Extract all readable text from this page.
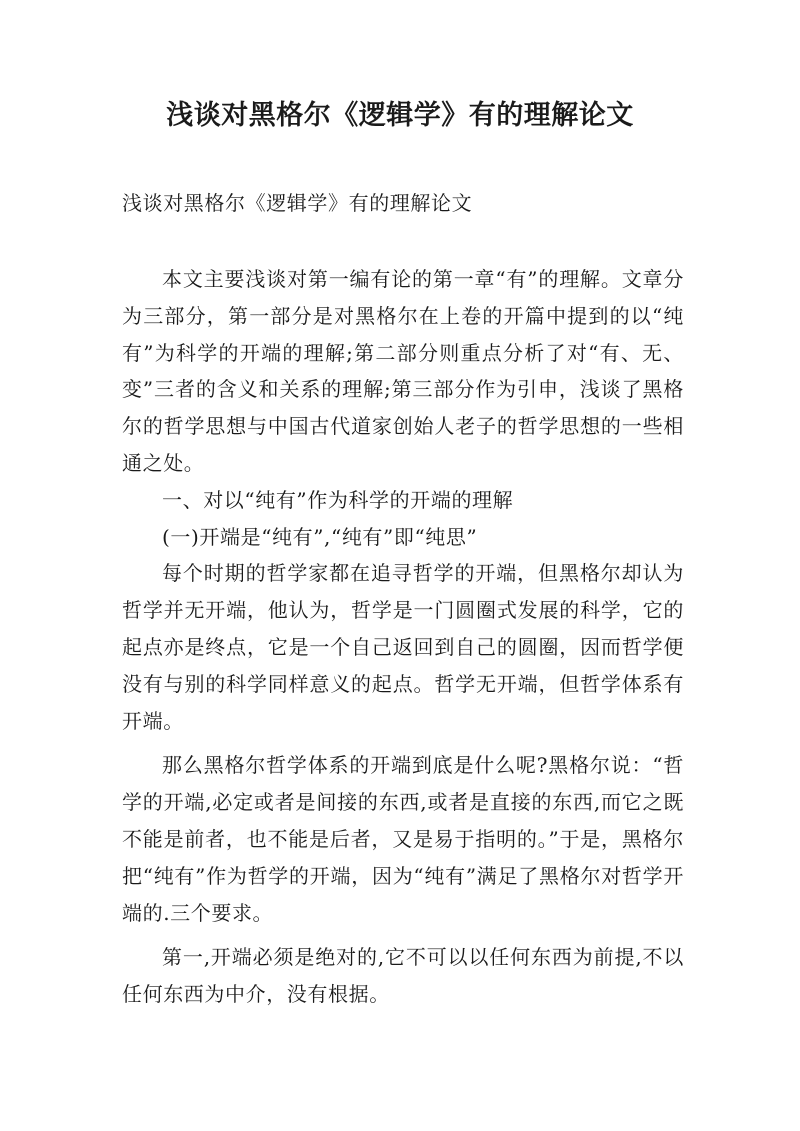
浅谈对黑格尔《逻辑学》有的理解论文

浅谈对黑格尔《逻辑学》有的理解论文

本文主要浅谈对第一编有论的第一章“有”的理解。文章分为三部分，第一部分是对黑格尔在上卷的开篇中提到的以“纯有”为科学的开端的理解;第二部分则重点分析了对“有、无、变”三者的含义和关系的理解;第三部分作为引申，浅谈了黑格尔的哲学思想与中国古代道家创始人老子的哲学思想的一些相通之处。

一、对以“纯有”作为科学的开端的理解

(一)开端是“纯有”,“纯有”即“纯思”

每个时期的哲学家都在追寻哲学的开端，但黑格尔却认为哲学并无开端，他认为，哲学是一门圆圈式发展的科学，它的起点亦是终点，它是一个自己返回到自己的圆圈，因而哲学便没有与别的科学同样意义的起点。哲学无开端，但哲学体系有开端。

那么黑格尔哲学体系的开端到底是什么呢?黑格尔说：“哲学的开端,必定或者是间接的东西,或者是直接的东西,而它之既不能是前者，也不能是后者，又是易于指明的。”于是，黑格尔把“纯有”作为哲学的开端，因为“纯有”满足了黑格尔对哲学开端的.三个要求。

第一,开端必须是绝对的,它不可以以任何东西为前提,不以任何东西为中介，没有根据。
